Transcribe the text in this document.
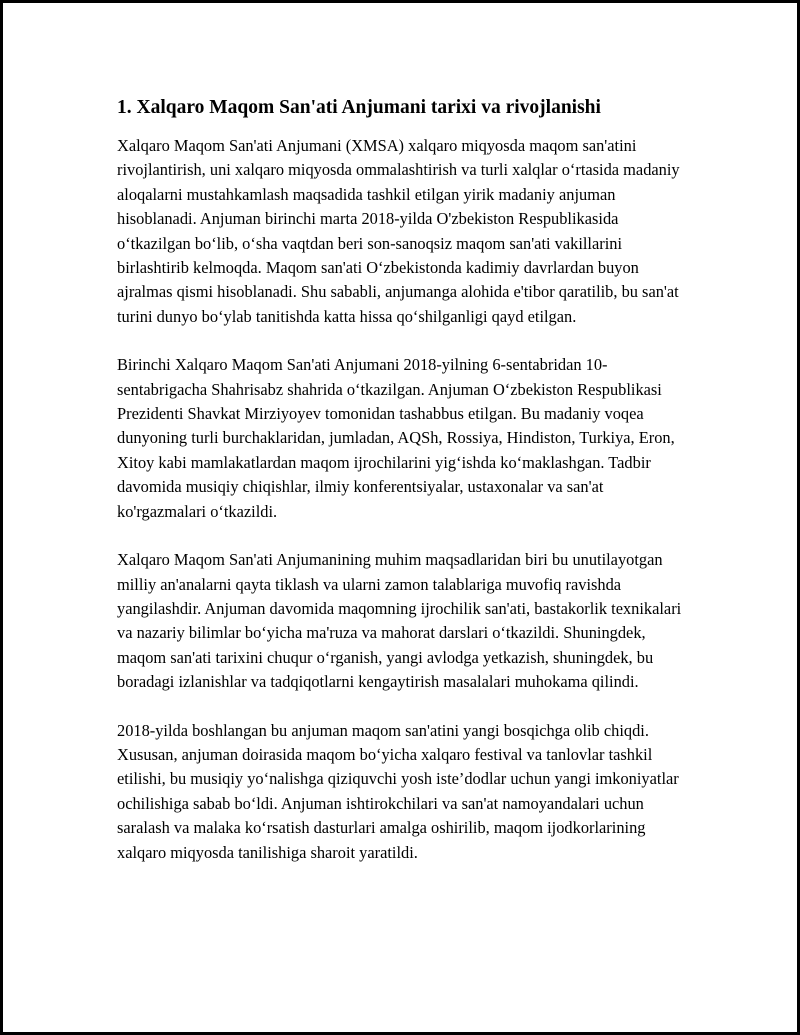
1. Xalqaro Maqom San'ati Anjumani tarixi va rivojlanishi

Xalqaro Maqom San'ati Anjumani (XMSA) xalqaro miqyosda maqom san'atini rivojlantirish, uni xalqaro miqyosda ommalashtirish va turli xalqlar o‘rtasida madaniy aloqalarni mustahkamlash maqsadida tashkil etilgan yirik madaniy anjuman hisoblanadi. Anjuman birinchi marta 2018-yilda O'zbekiston Respublikasida o‘tkazilgan bo‘lib, o‘sha vaqtdan beri son-sanoqsiz maqom san'ati vakillarini birlashtirib kelmoqda. Maqom san'ati O‘zbekistonda kadimiy davrlardan buyon ajralmas qismi hisoblanadi. Shu sababli, anjumanga alohida e'tibor qaratilib, bu san'at turini dunyo bo‘ylab tanitishda katta hissa qo‘shilganligi qayd etilgan.

Birinchi Xalqaro Maqom San'ati Anjumani 2018-yilning 6-sentabridan 10-sentabrigacha Shahrisabz shahrida o‘tkazilgan. Anjuman O‘zbekiston Respublikasi Prezidenti Shavkat Mirziyoyev tomonidan tashabbus etilgan. Bu madaniy voqea dunyoning turli burchaklaridan, jumladan, AQSh, Rossiya, Hindiston, Turkiya, Eron, Xitoy kabi mamlakatlardan maqom ijrochilarini yig‘ishda ko‘maklashgan. Tadbir davomida musiqiy chiqishlar, ilmiy konferentsiyalar, ustaxonalar va san'at ko'rgazmalari o‘tkazildi.

Xalqaro Maqom San'ati Anjumanining muhim maqsadlaridan biri bu unutilayotgan milliy an'analarni qayta tiklash va ularni zamon talablariga muvofiq ravishda yangilashdir. Anjuman davomida maqomning ijrochilik san'ati, bastakorlik texnikalari va nazariy bilimlar bo‘yicha ma'ruza va mahorat darslari o‘tkazildi. Shuningdek, maqom san'ati tarixini chuqur o‘rganish, yangi avlodga yetkazish, shuningdek, bu boradagi izlanishlar va tadqiqotlarni kengaytirish masalalari muhokama qilindi.

2018-yilda boshlangan bu anjuman maqom san'atini yangi bosqichga olib chiqdi. Xususan, anjuman doirasida maqom bo‘yicha xalqaro festival va tanlovlar tashkil etilishi, bu musiqiy yo‘nalishga qiziquvchi yosh iste’dodlar uchun yangi imkoniyatlar ochilishiga sabab bo‘ldi. Anjuman ishtirokchilari va san'at namoyandalari uchun saralash va malaka ko‘rsatish dasturlari amalga oshirilib, maqom ijodkorlarining xalqaro miqyosda tanilishiga sharoit yaratildi.
